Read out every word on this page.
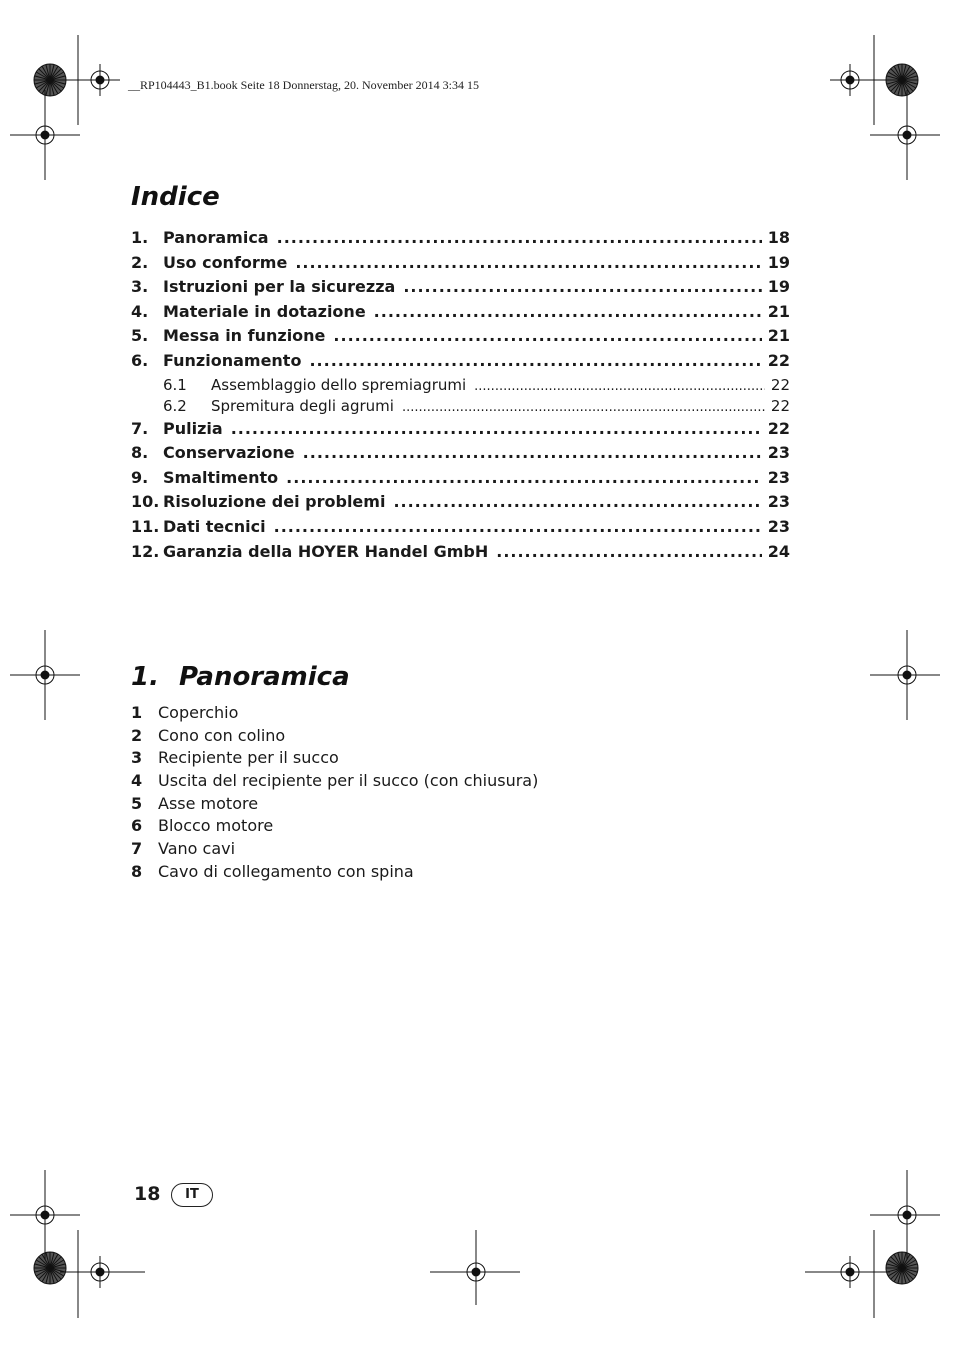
__RP104443_B1.book Seite 18 Donnerstag, 20. November 2014 3:34 15
Indice
1. Panoramica .....	18
2. Uso conforme .....	19
3. Istruzioni per la sicurezza .....	19
4. Materiale in dotazione .....	21
5. Messa in funzione .....	21
6. Funzionamento .....	22
6.1	Assemblaggio dello spremiagrumi .....	22
6.2	Spremitura degli agrumi .....	22
7. Pulizia .....	22
8. Conservazione .....	23
9. Smaltimento .....	23
10. Risoluzione dei problemi .....	23
11. Dati tecnici .....	23
12. Garanzia della HOYER Handel GmbH .....	24
1. Panoramica
1 Coperchio
2 Cono con colino
3 Recipiente per il succo
4 Uscita del recipiente per il succo (con chiusura)
5 Asse motore
6 Blocco motore
7 Vano cavi
8 Cavo di collegamento con spina
18	IT
